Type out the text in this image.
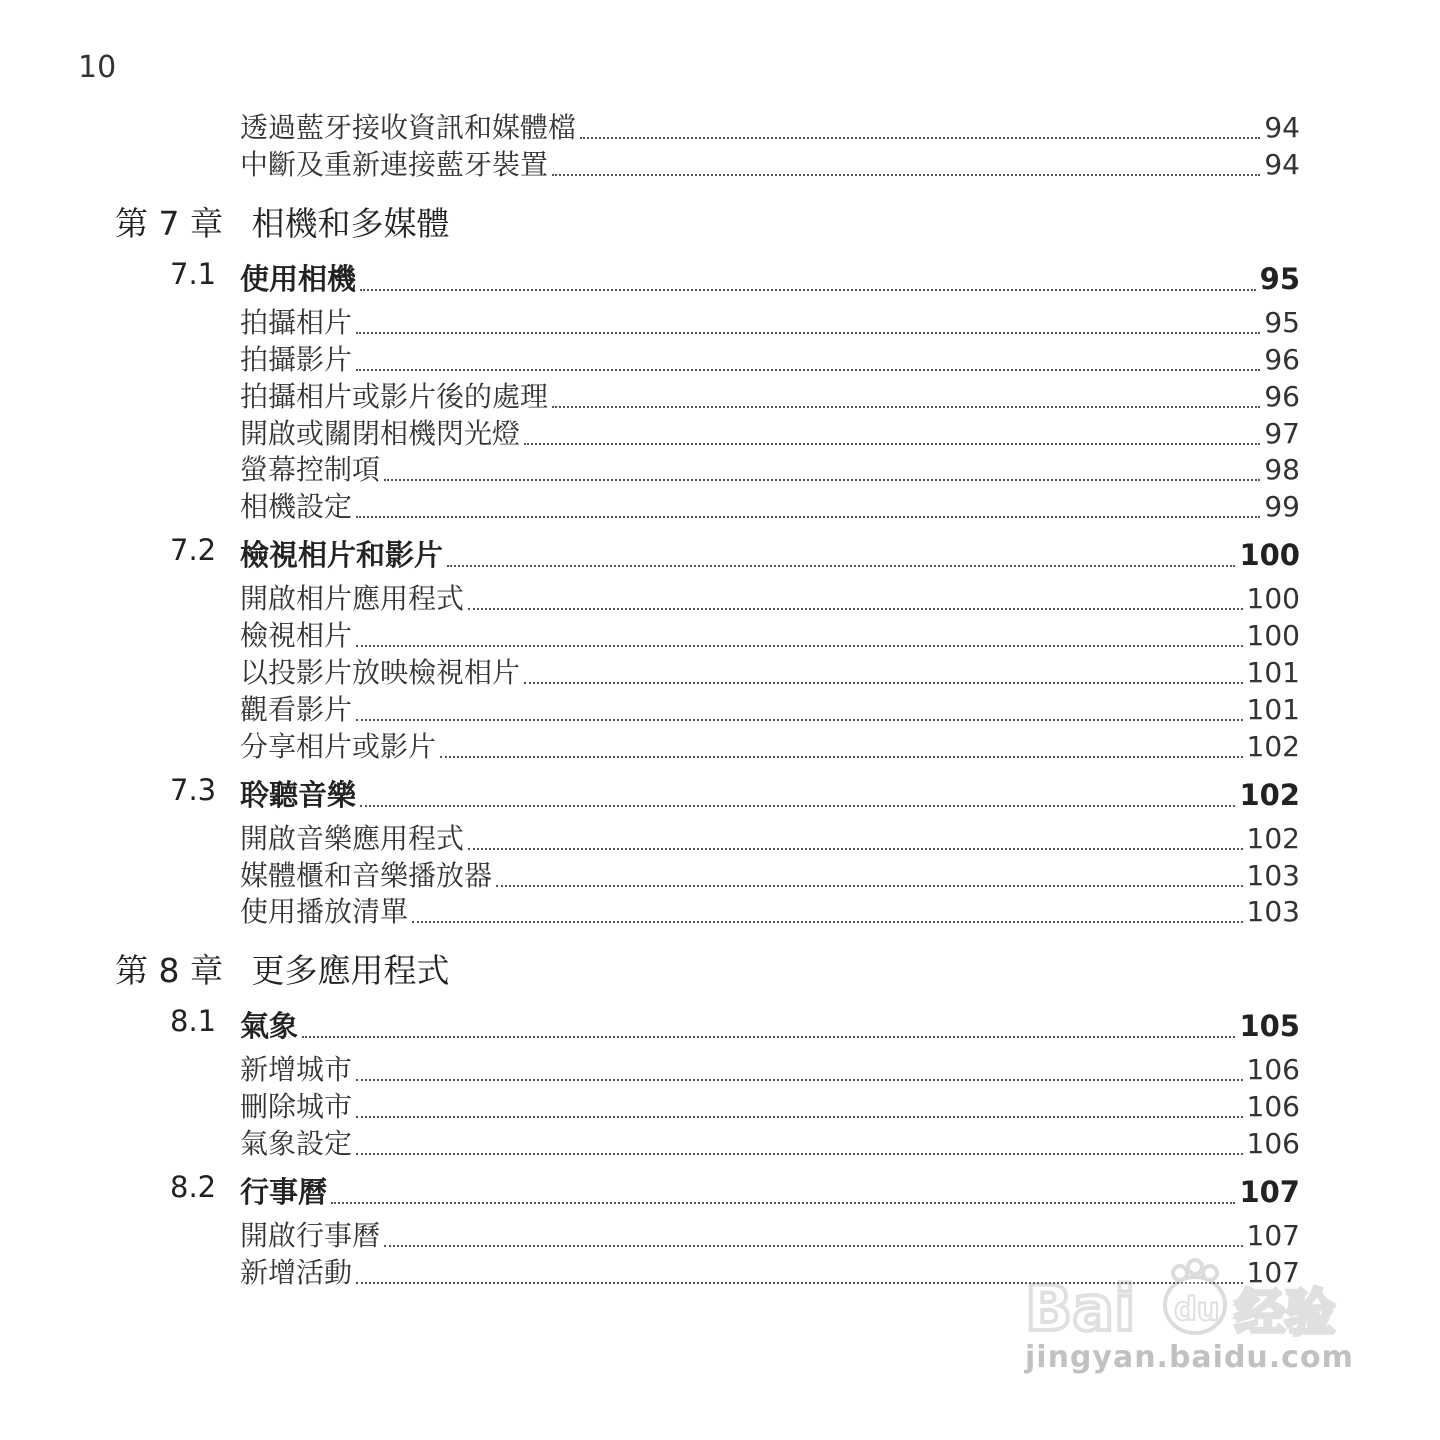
10
透過藍牙接收資訊和媒體檔	94
中斷及重新連接藍牙裝置	94
第 7 章 相機和多媒體
7.1 使用相機	95
拍攝相片	95
拍攝影片	96
拍攝相片或影片後的處理	96
開啟或關閉相機閃光燈	97
螢幕控制項	98
相機設定	99
7.2 檢視相片和影片	100
開啟相片應用程式	100
檢視相片	100
以投影片放映檢視相片	101
觀看影片	101
分享相片或影片	102
7.3 聆聽音樂	102
開啟音樂應用程式	102
媒體櫃和音樂播放器	103
使用播放清單	103
第 8 章 更多應用程式
8.1 氣象	105
新增城市	106
刪除城市	106
氣象設定	106
8.2 行事曆	107
開啟行事曆	107
新增活動	107
Bai du 经验
jingyan.baidu.com
